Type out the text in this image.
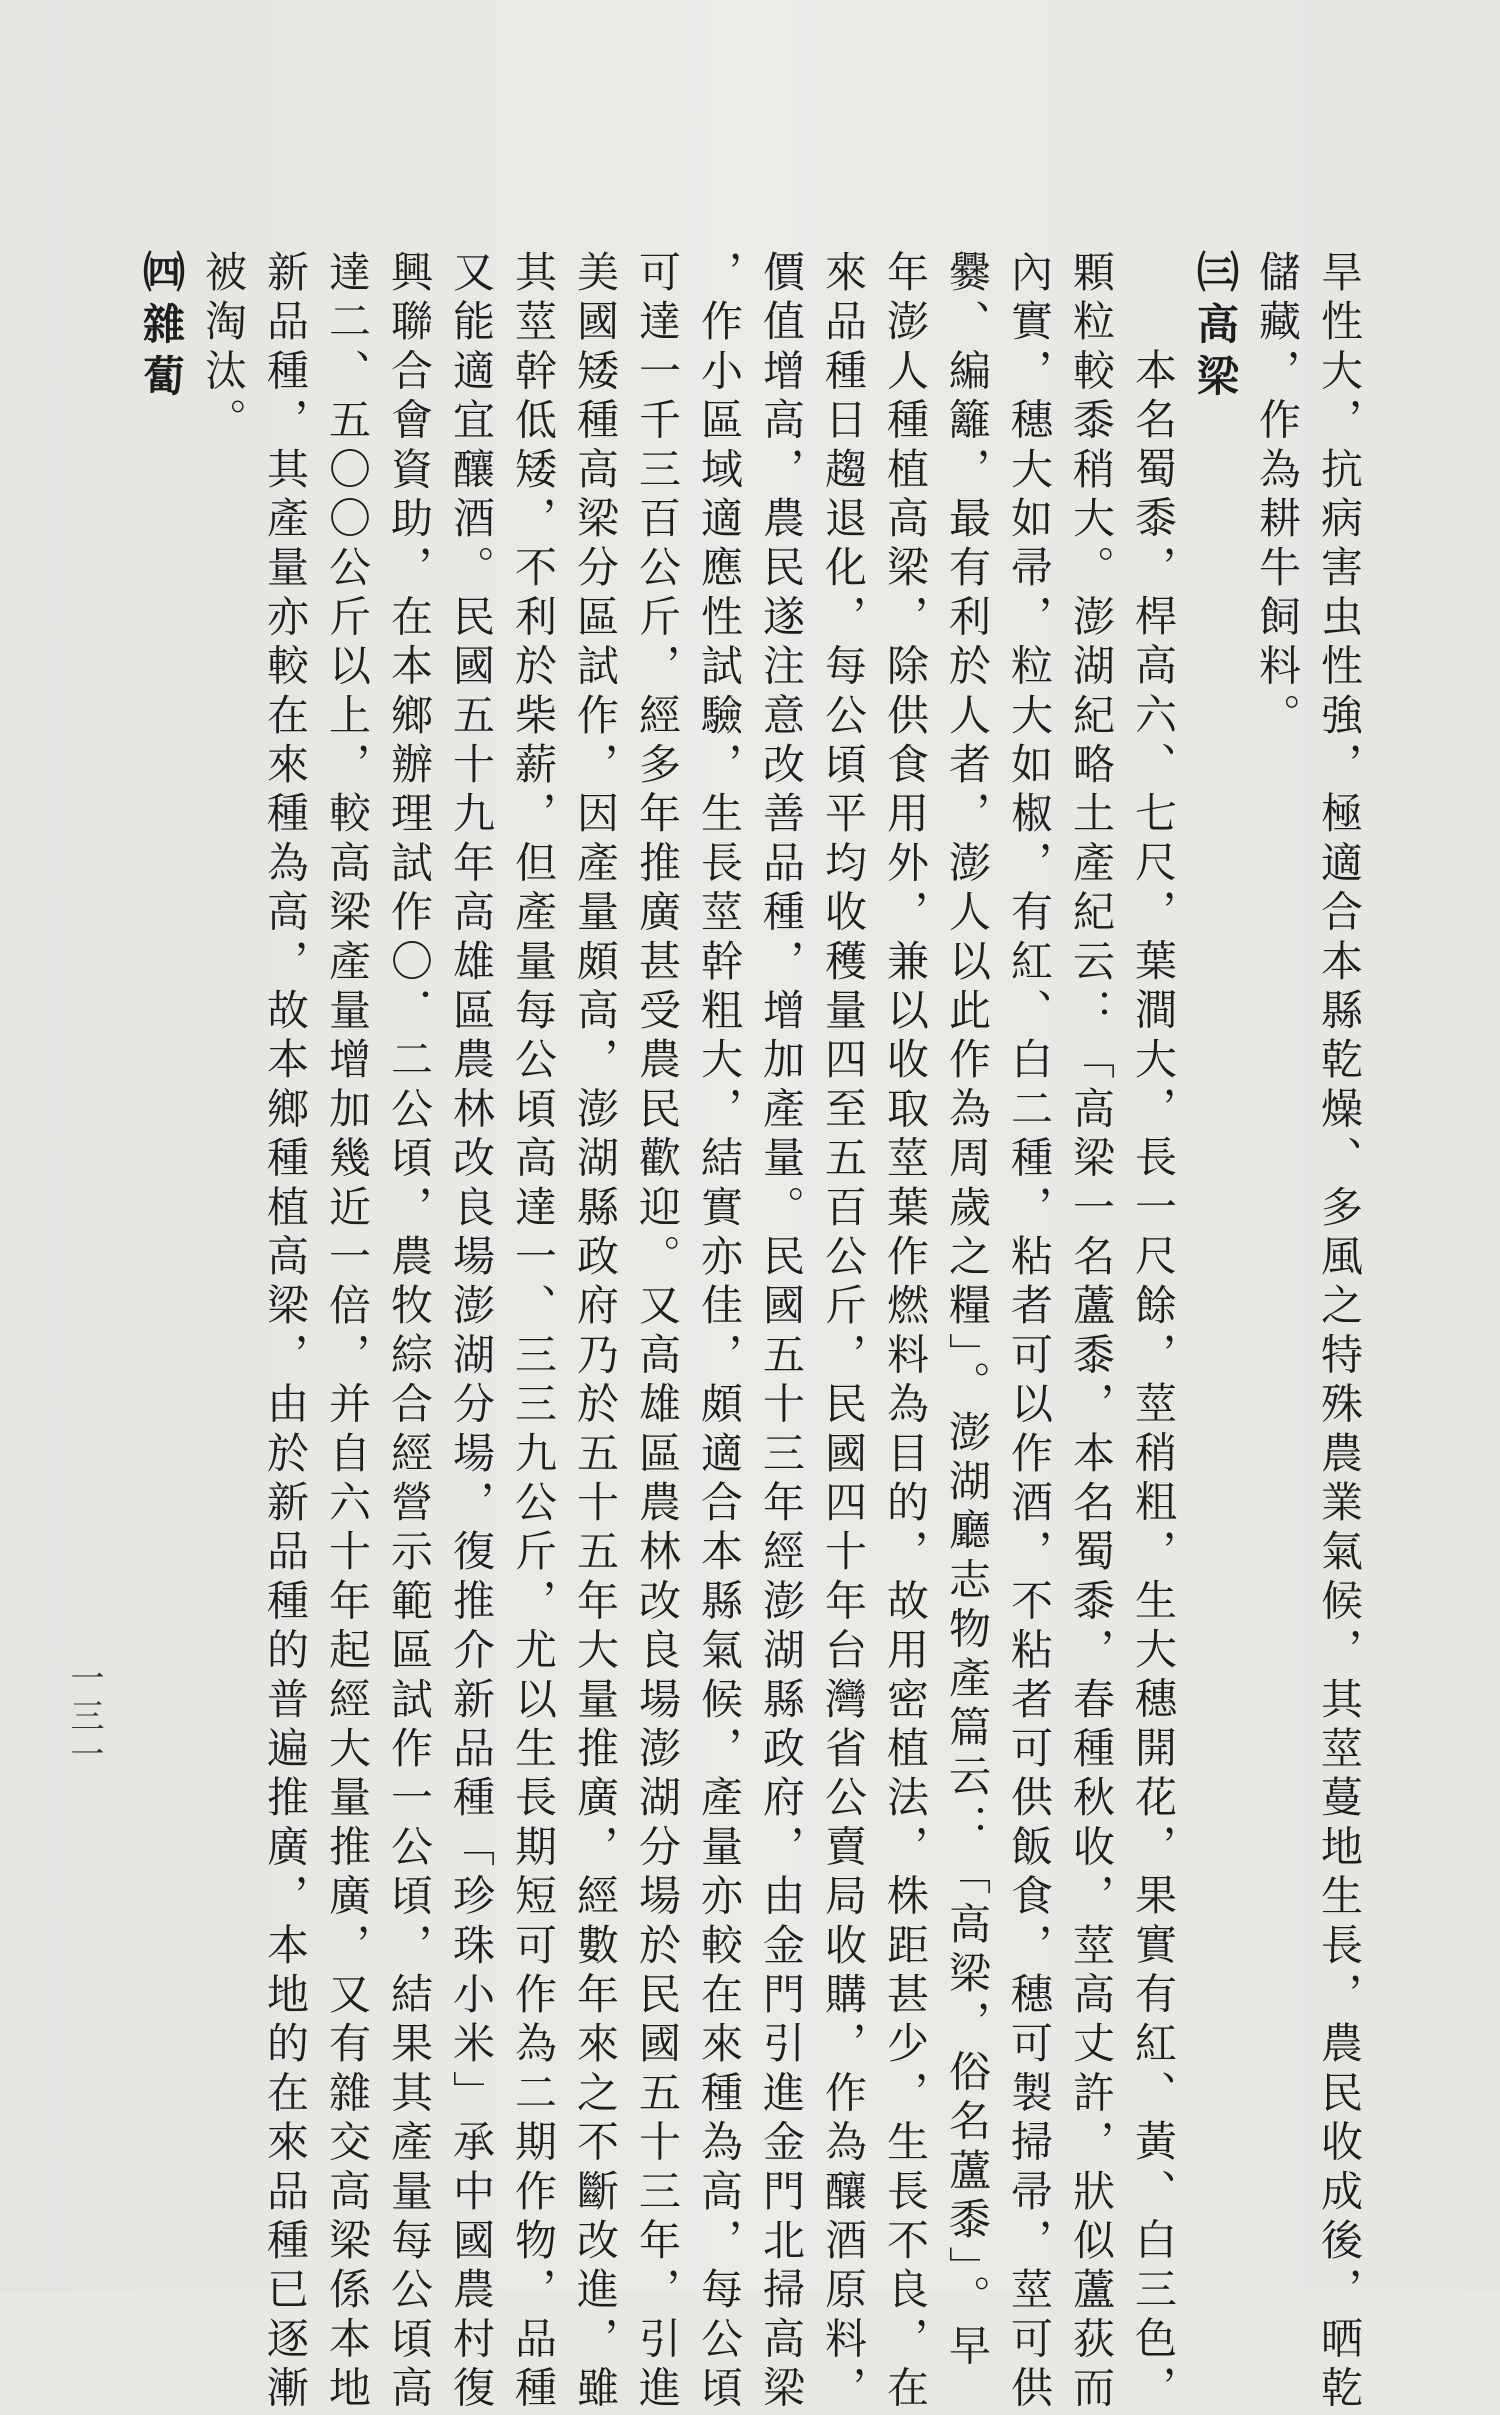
旱性大，抗病害虫性強，極適合本縣乾燥、多風之特殊農業氣候，其莖蔓地生長，農民收成後，晒乾
儲藏，作為耕牛飼料。
㈢高梁
本名蜀黍，桿高六、七尺，葉澗大，長一尺餘，莖稍粗，生大穗開花，果實有紅、黃、白三色，
顆粒較黍稍大。澎湖紀略土產紀云：「高梁一名蘆黍，本名蜀黍，春種秋收，莖高丈許，狀似蘆荻而
內實，穗大如帚，粒大如椒，有紅、白二種，粘者可以作酒，不粘者可供飯食，穗可製掃帚，莖可供
爨、編籬，最有利於人者，澎人以此作為周歲之糧」。澎湖廳志物產篇云：「高梁，俗名蘆黍」。早
年澎人種植高梁，除供食用外，兼以收取莖葉作燃料為目的，故用密植法，株距甚少，生長不良，在
來品種日趨退化，每公頃平均收穫量四至五百公斤，民國四十年台灣省公賣局收購，作為釀酒原料，
價值增高，農民遂注意改善品種，增加產量。民國五十三年經澎湖縣政府，由金門引進金門北掃高梁
，作小區域適應性試驗，生長莖幹粗大，結實亦佳，頗適合本縣氣候，產量亦較在來種為高，每公頃
可達一千三百公斤，經多年推廣甚受農民歡迎。又高雄區農林改良場澎湖分場於民國五十三年，引進
美國矮種高梁分區試作，因產量頗高，澎湖縣政府乃於五十五年大量推廣，經數年來之不斷改進，雖
其莖幹低矮，不利於柴薪，但產量每公頃高達一、三三九公斤，尤以生長期短可作為二期作物，品種
又能適宜釀酒。民國五十九年高雄區農林改良場澎湖分場，復推介新品種「珍珠小米」承中國農村復
興聯合會資助，在本鄉辦理試作〇．二公頃，農牧綜合經營示範區試作一公頃，結果其產量每公頃高
達二、五〇〇公斤以上，較高梁產量增加幾近一倍，并自六十年起經大量推廣，又有雜交高梁係本地
新品種，其產量亦較在來種為高，故本鄉種植高梁，由於新品種的普遍推廣，本地的在來品種已逐漸
被淘汰。
㈣雜蔔
一三一
